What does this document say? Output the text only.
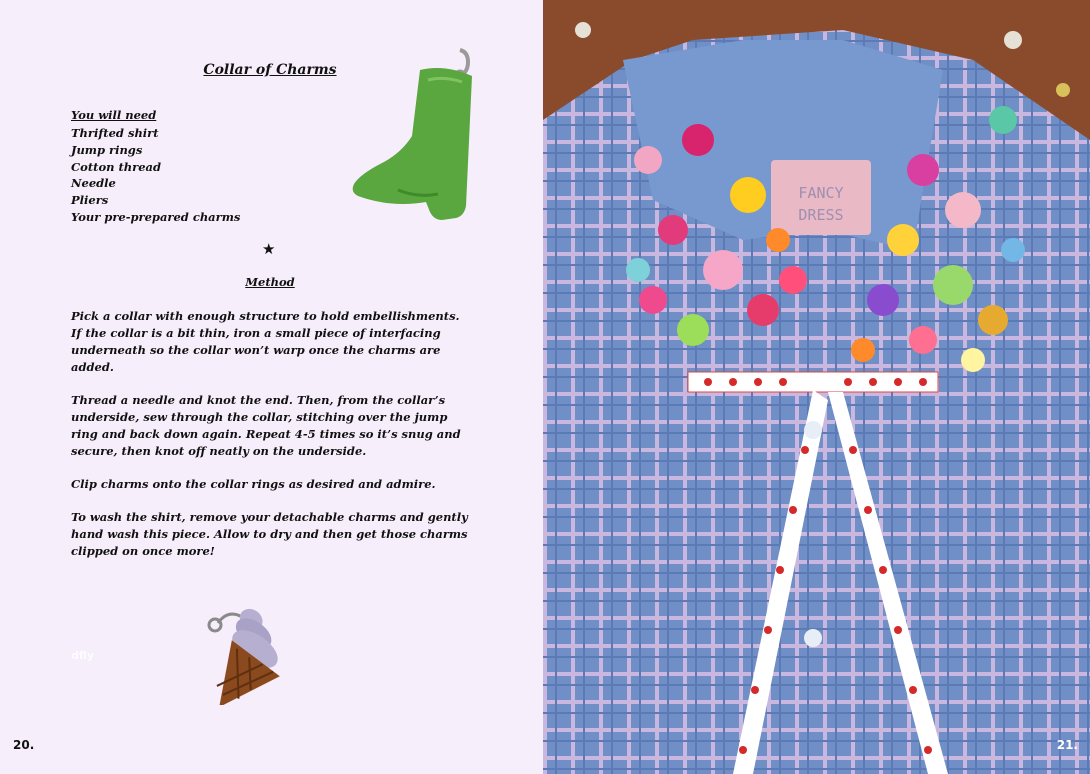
Collar of Charms
You will need
Thrifted shirt
Jump rings
Cotton thread
Needle
Pliers
Your pre-prepared charms
★
Method

Pick a collar with enough structure to hold embellishments. If the collar is a bit thin, iron a small piece of interfacing underneath so the collar won’t warp once the charms are added.

Thread a needle and knot the end. Then, from the collar’s underside, sew through the collar, stitching over the jump ring and back down again. Repeat 4-5 times so it’s snug and secure, then knot off neatly on the underside.

Clip charms onto the collar rings as desired and admire.

To wash the shirt, remove your detachable charms and gently hand wash this piece. Allow to dry and then get those charms clipped on once more!

dfly
20.
FANCY
DRESS
21.
